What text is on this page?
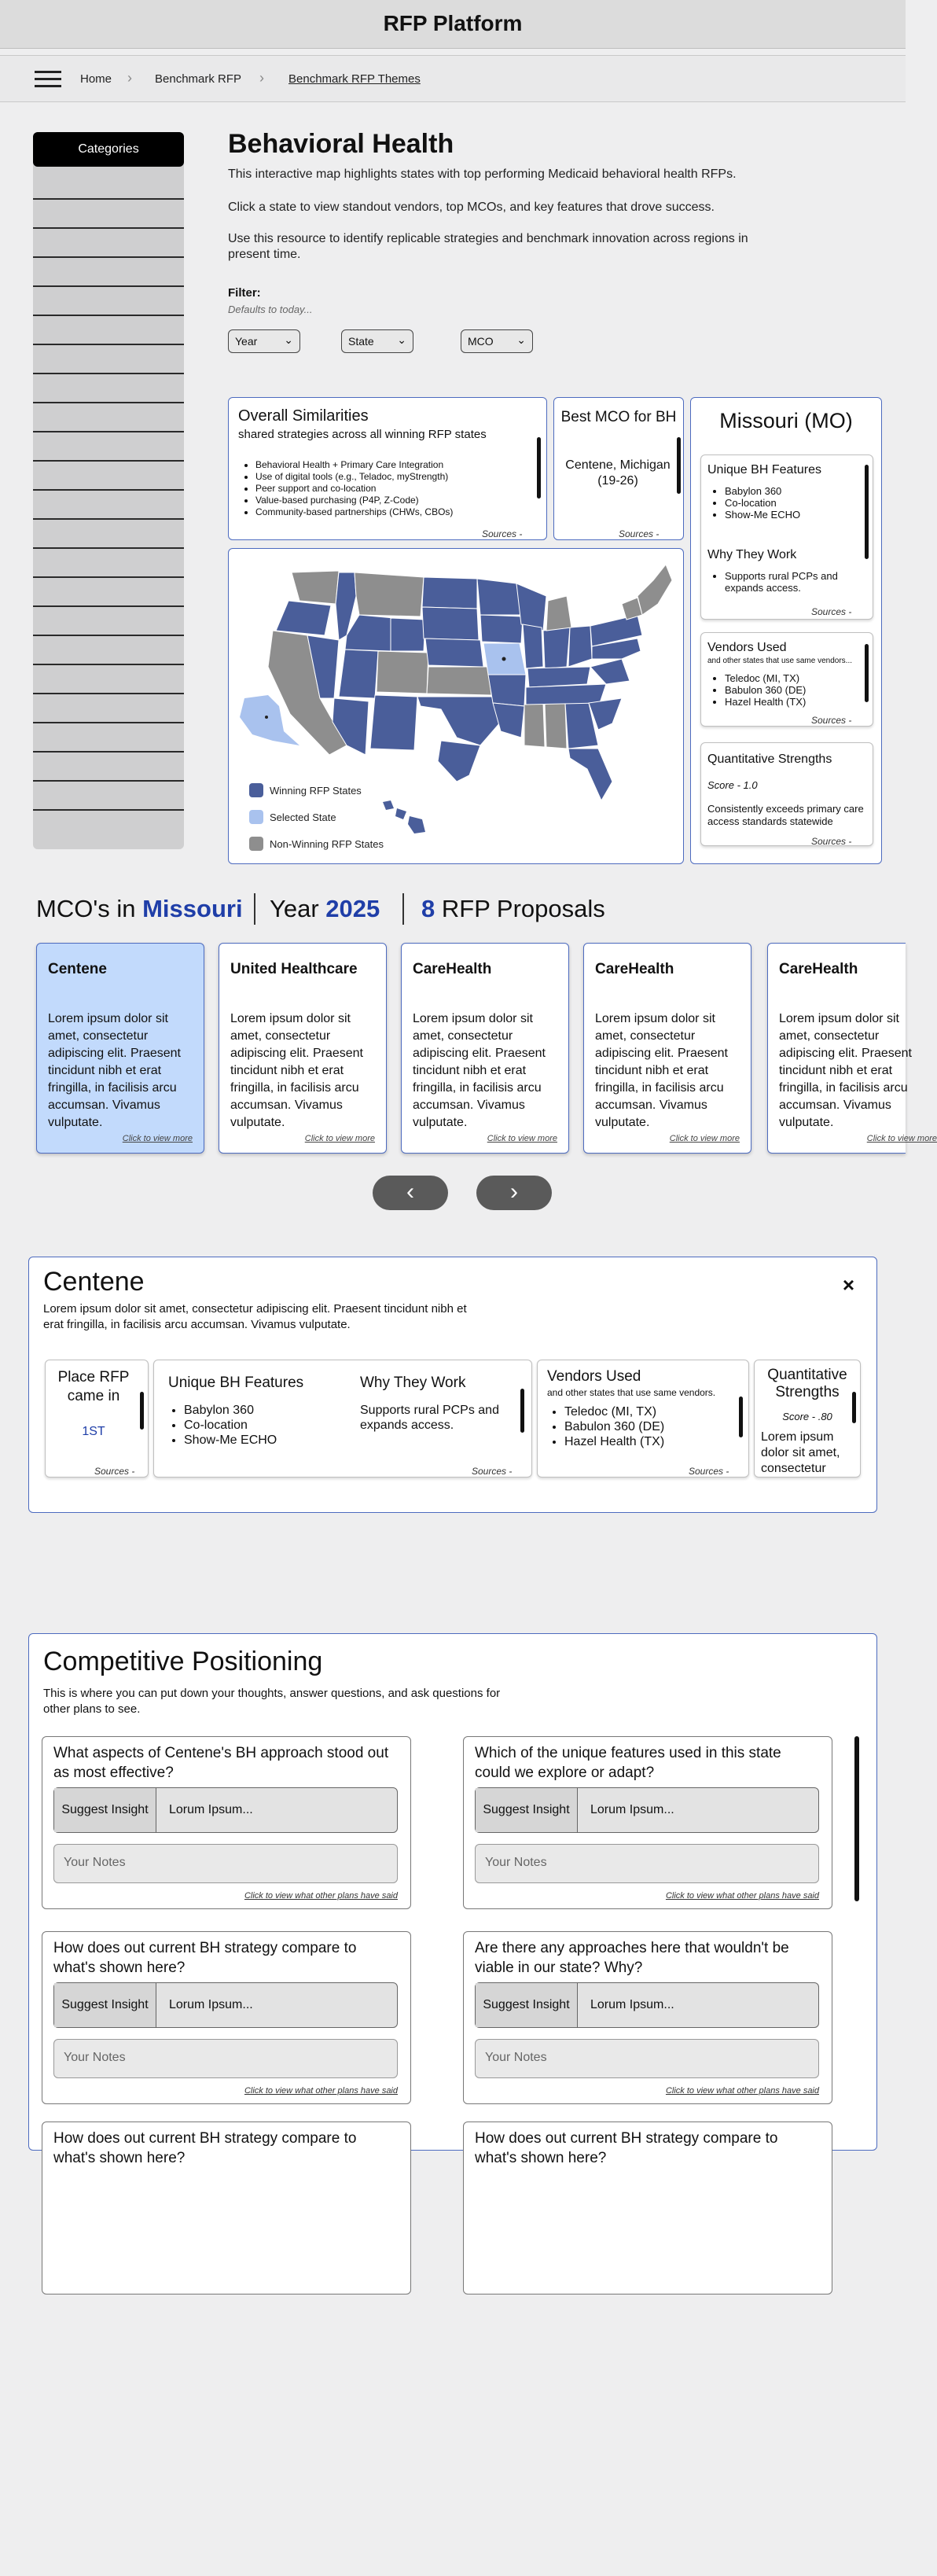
RFP Platform
Home › Benchmark RFP › Benchmark RFP Themes
Categories	Behavioral Health
This interactive map highlights states with top performing Medicaid behavioral health RFPs.
Click a state to view standout vendors, top MCOs, and key features that drove success.
Use this resource to identify replicable strategies and benchmark innovation across regions in present time.
Filter:
Defaults to today...
Year ⌄	State ⌄	MCO ⌄
Overall Similarities
shared strategies across all winning RFP states
• Behavioral Health + Primary Care Integration
• Use of digital tools (e.g., Teladoc, myStrength)
• Peer support and co-location
• Value-based purchasing (P4P, Z-Code)
• Community-based partnerships (CHWs, CBOs)
Sources -
Best MCO for BH
Centene, Michigan (19-26)
Sources -
Missouri (MO)
Unique BH Features
• Babylon 360
• Co-location
• Show-Me ECHO
Why They Work
• Supports rural PCPs and expands access.
Sources -
Vendors Used
and other states that use same vendors...
• Teledoc (MI, TX)
• Babulon 360 (DE)
• Hazel Health (TX)
Sources -
Quantitative Strengths
Score - 1.0
Consistently exceeds primary care access standards statewide
Sources -
Winning RFP States
Selected State
Non-Winning RFP States
MCO's in Missouri Year 2025 8 RFP Proposals
Centene
Lorem ipsum dolor sit amet, consectetur adipiscing elit. Praesent tincidunt nibh et erat fringilla, in facilisis arcu accumsan. Vivamus vulputate.
Click to view more
United Healthcare
Lorem ipsum dolor sit amet, consectetur adipiscing elit. Praesent tincidunt nibh et erat fringilla, in facilisis arcu accumsan. Vivamus vulputate.
Click to view more
CareHealth
Lorem ipsum dolor sit amet, consectetur adipiscing elit. Praesent tincidunt nibh et erat fringilla, in facilisis arcu accumsan. Vivamus vulputate.
Click to view more
CareHealth
Lorem ipsum dolor sit amet, consectetur adipiscing elit. Praesent tincidunt nibh et erat fringilla, in facilisis arcu accumsan. Vivamus vulputate.
Click to view more
CareHealth
Lorem ipsum dolor sit amet, consectetur adipiscing elit. Praesent tincidunt nibh et erat fringilla, in facilisis arcu accumsan. Vivamus vulputate.
Click to view more
‹	›
Centene	×
Lorem ipsum dolor sit amet, consectetur adipiscing elit. Praesent tincidunt nibh et erat fringilla, in facilisis arcu accumsan. Vivamus vulputate.
Place RFP came in
1ST
Sources -
Unique BH Features
• Babylon 360
• Co-location
• Show-Me ECHO
Why They Work
Supports rural PCPs and expands access.
Sources -
Vendors Used
and other states that use same vendors.
• Teledoc (MI, TX)
• Babulon 360 (DE)
• Hazel Health (TX)
Sources -
Quantitative Strengths
Score - .80
Lorem ipsum dolor sit amet, consectetur
Competitive Positioning
This is where you can put down your thoughts, answer questions, and ask questions for other plans to see.
What aspects of Centene's BH approach stood out as most effective?
Suggest Insight	Lorum Ipsum...
Your Notes
Click to view what other plans have said
Which of the unique features used in this state could we explore or adapt?
Suggest Insight	Lorum Ipsum...
Your Notes
Click to view what other plans have said
How does out current BH strategy compare to what's shown here?
Suggest Insight	Lorum Ipsum...
Your Notes
Click to view what other plans have said
Are there any approaches here that wouldn't be viable in our state? Why?
Suggest Insight	Lorum Ipsum...
Your Notes
Click to view what other plans have said
How does out current BH strategy compare to what's shown here?
How does out current BH strategy compare to what's shown here?
